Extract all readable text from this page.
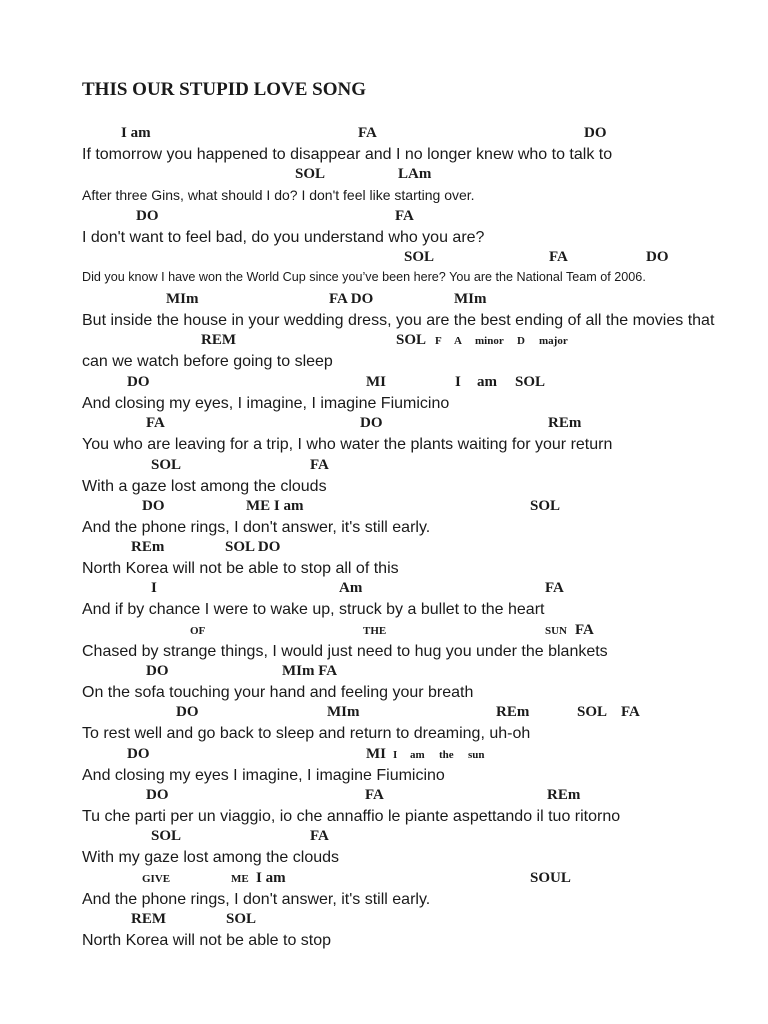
THIS OUR STUPID LOVE SONG
I am	FA	DO
If tomorrow you happened to disappear and I no longer knew who to talk to
SOL	LAm
After three Gins, what should I do? I don't feel like starting over.
DO	FA
I don't want to feel bad, do you understand who you are?
SOL	FA	DO
Did you know I have won the World Cup since you’ve been here? You are the National Team of 2006.
MIm	FA DO	MIm
But inside the house in your wedding dress, you are the best ending of all the movies that
REM	SOL F A minor D major
can we watch before going to sleep
DO	MI	I am SOL
And closing my eyes, I imagine, I imagine Fiumicino
FA	DO	REm
You who are leaving for a trip, I who water the plants waiting for your return
SOL	FA
With a gaze lost among the clouds
DO	ME I am	SOL
And the phone rings, I don't answer, it's still early.
REm	SOL DO
North Korea will not be able to stop all of this
I	Am	FA
And if by chance I were to wake up, struck by a bullet to the heart
OF	THE	SUN FA
Chased by strange things, I would just need to hug you under the blankets
DO	MIm FA
On the sofa touching your hand and feeling your breath
DO	MIm	REm	SOL FA
To rest well and go back to sleep and return to dreaming, uh-oh
DO	MI I am the sun
And closing my eyes I imagine, I imagine Fiumicino
DO	FA	REm
Tu che parti per un viaggio, io che annaffio le piante aspettando il tuo ritorno
SOL	FA
With my gaze lost among the clouds
GIVE	ME I am	SOUL
And the phone rings, I don't answer, it's still early.
REM	SOL
North Korea will not be able to stop
